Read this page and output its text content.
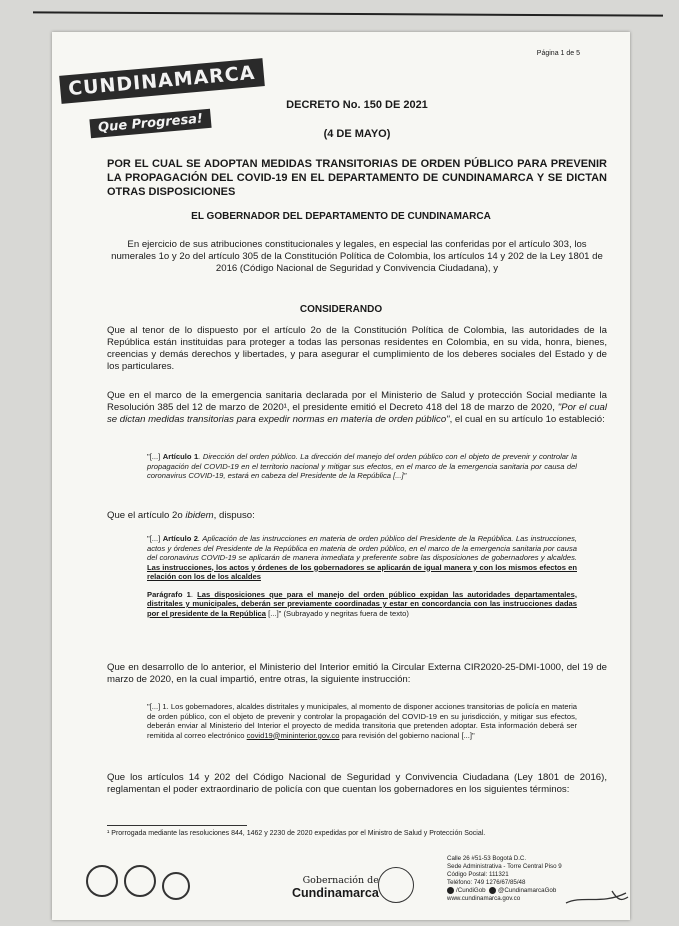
Página 1 de 5
CUNDINAMARCA
Que Progresa!
DECRETO No. 150 DE 2021
(4 DE MAYO)
POR EL CUAL SE ADOPTAN MEDIDAS TRANSITORIAS DE ORDEN PÚBLICO PARA PREVENIR LA PROPAGACIÓN DEL COVID-19 EN EL DEPARTAMENTO DE CUNDINAMARCA Y SE DICTAN OTRAS DISPOSICIONES
EL GOBERNADOR DEL DEPARTAMENTO DE CUNDINAMARCA
En ejercicio de sus atribuciones constitucionales y legales, en especial las conferidas por el artículo 303, los numerales 1o y 2o del artículo 305 de la Constitución Política de Colombia, los artículos 14 y 202 de la Ley 1801 de 2016 (Código Nacional de Seguridad y Convivencia Ciudadana), y
CONSIDERANDO
Que al tenor de lo dispuesto por el artículo 2o de la Constitución Política de Colombia, las autoridades de la República están instituidas para proteger a todas las personas residentes en Colombia, en su vida, honra, bienes, creencias y demás derechos y libertades, y para asegurar el cumplimiento de los deberes sociales del Estado y de los particulares.
Que en el marco de la emergencia sanitaria declarada por el Ministerio de Salud y protección Social mediante la Resolución 385 del 12 de marzo de 2020¹, el presidente emitió el Decreto 418 del 18 de marzo de 2020, "Por el cual se dictan medidas transitorias para expedir normas en materia de orden público", el cual en su artículo 1o estableció:
"[...] Artículo 1. Dirección del orden público. La dirección del manejo del orden público con el objeto de prevenir y controlar la propagación del COVID-19 en el territorio nacional y mitigar sus efectos, en el marco de la emergencia sanitaria por causa del coronavirus COVID-19, estará en cabeza del Presidente de la República [...]"
Que el artículo 2o ibidem, dispuso:
"[...] Artículo 2. Aplicación de las instrucciones en materia de orden público del Presidente de la República. Las instrucciones, actos y órdenes del Presidente de la República en materia de orden público, en el marco de la emergencia sanitaria por causa del coronavirus COVID-19 se aplicarán de manera inmediata y preferente sobre las disposiciones de gobernadores y alcaldes. Las instrucciones, los actos y órdenes de los gobernadores se aplicarán de igual manera y con los mismos efectos en relación con los de los alcaldes
Parágrafo 1. Las disposiciones que para el manejo del orden público expidan las autoridades departamentales, distritales y municipales, deberán ser previamente coordinadas y estar en concordancia con las instrucciones dadas por el presidente de la República [...]" (Subrayado y negritas fuera de texto)
Que en desarrollo de lo anterior, el Ministerio del Interior emitió la Circular Externa CIR2020-25-DMI-1000, del 19 de marzo de 2020, en la cual impartió, entre otras, la siguiente instrucción:
"[...] 1. Los gobernadores, alcaldes distritales y municipales, al momento de disponer acciones transitorias de policía en materia de orden público, con el objeto de prevenir y controlar la propagación del COVID-19 en su jurisdicción, y mitigar sus efectos, deberán enviar al Ministerio del Interior el proyecto de medida transitoria que pretenden adoptar. Esta información deberá ser remitida al correo electrónico covid19@mininterior.gov.co para revisión del gobierno nacional [...]"
Que los artículos 14 y 202 del Código Nacional de Seguridad y Convivencia Ciudadana (Ley 1801 de 2016), reglamentan el poder extraordinario de policía con que cuentan los gobernadores en los siguientes términos:
¹ Prorrogada mediante las resoluciones 844, 1462 y 2230 de 2020 expedidas por el Ministro de Salud y Protección Social.
Gobernación de
Cundinamarca
Calle 26 #51-53 Bogotá D.C.
Sede Administrativa - Torre Central Piso 9
Código Postal: 111321
Teléfono: 749 1276/67/85/48
/CundiGob @CundinamarcaGob
www.cundinamarca.gov.co
